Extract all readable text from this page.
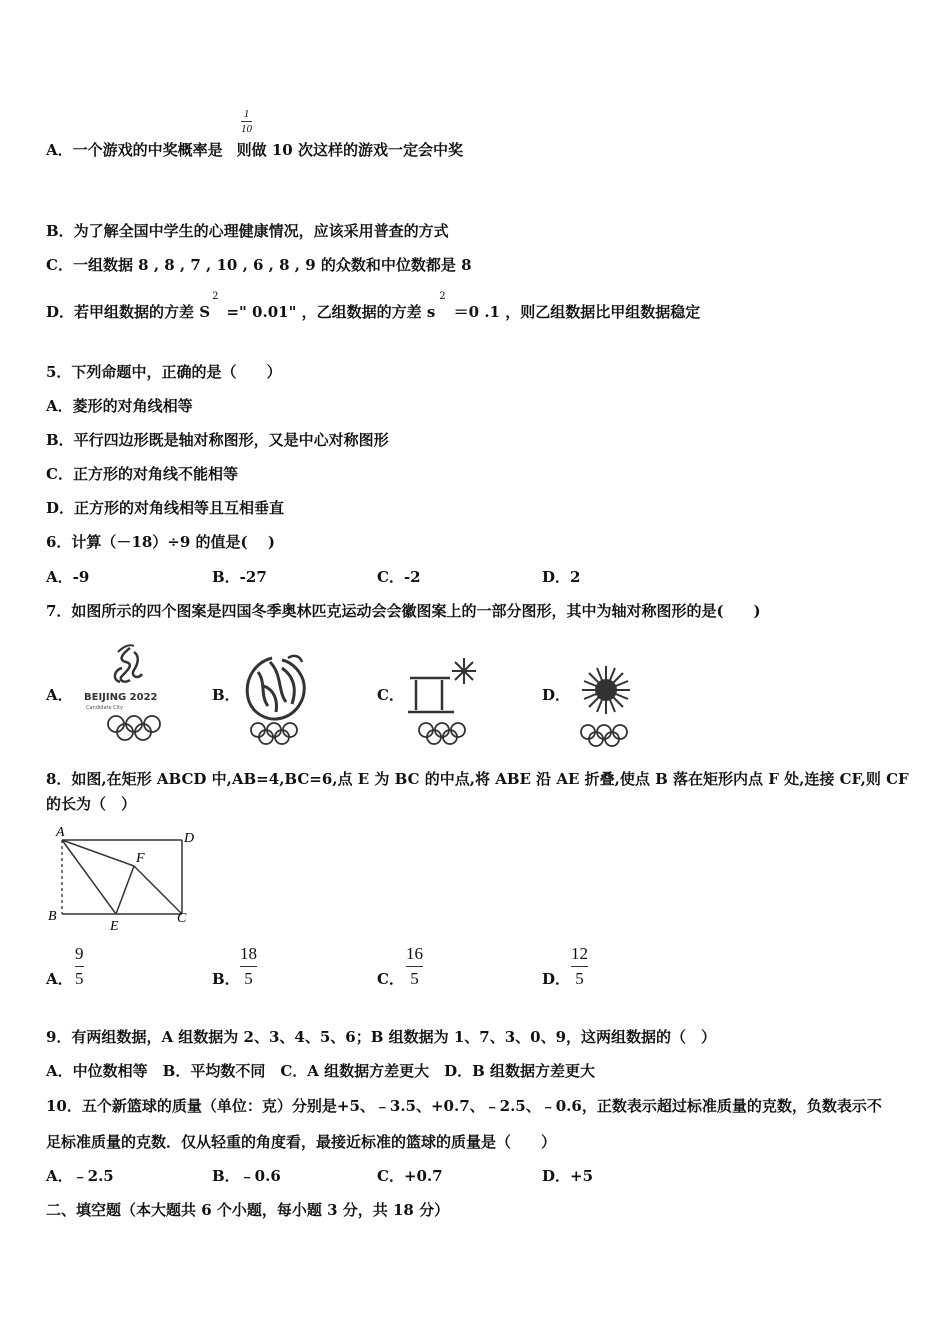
1
10
A．一个游戏的中奖概率是 则做 10 次这样的游戏一定会中奖
B．为了解全国中学生的心理健康情况，应该采用普查的方式
C．一组数据 8 , 8 , 7 , 10 , 6 , 8 , 9 的众数和中位数都是 8
D．若甲组数据的方差 $S^2=$" 0.01" ，乙组数据的方差 $s^2=0$ .1 ，则乙组数据比甲组数据稳定
5．下列命题中，正确的是（　　）
A．菱形的对角线相等
B．平行四边形既是轴对称图形，又是中心对称图形
C．正方形的对角线不能相等
D．正方形的对角线相等且互相垂直
6．计算（－18）÷9 的值是(　 )
A．-9	B．-27	C．-2	D．2
7．如图所示的四个图案是四国冬季奥林匹克运动会会徽图案上的一部分图形，其中为轴对称图形的是(　　)
A．	B．	C．	D．
BEIJING 2022
Candidate City
8．如图,在矩形 ABCD 中,AB=4,BC=6,点 E 为 BC 的中点,将 ABE 沿 AE 折叠,使点 B 落在矩形内点 F 处,连接 CF,则 CF
的长为（　）
A	D
B	C
E
F
A．
9
5	B．
18
5	C．
16
5	D．
12
5
9．有两组数据，A 组数据为 2、3、4、5、6；B 组数据为 1、7、3、0、9，这两组数据的（　）
A．中位数相等　B．平均数不同　C．A 组数据方差更大　D．B 组数据方差更大
10．五个新篮球的质量（单位：克）分别是+5、﹣3.5、+0.7、﹣2.5、﹣0.6，正数表示超过标准质量的克数，负数表示不
足标准质量的克数．仅从轻重的角度看，最接近标准的篮球的质量是（　　）
A．﹣2.5	B．﹣0.6	C．+0.7	D．+5
二、填空题（本大题共 6 个小题，每小题 3 分，共 18 分）
